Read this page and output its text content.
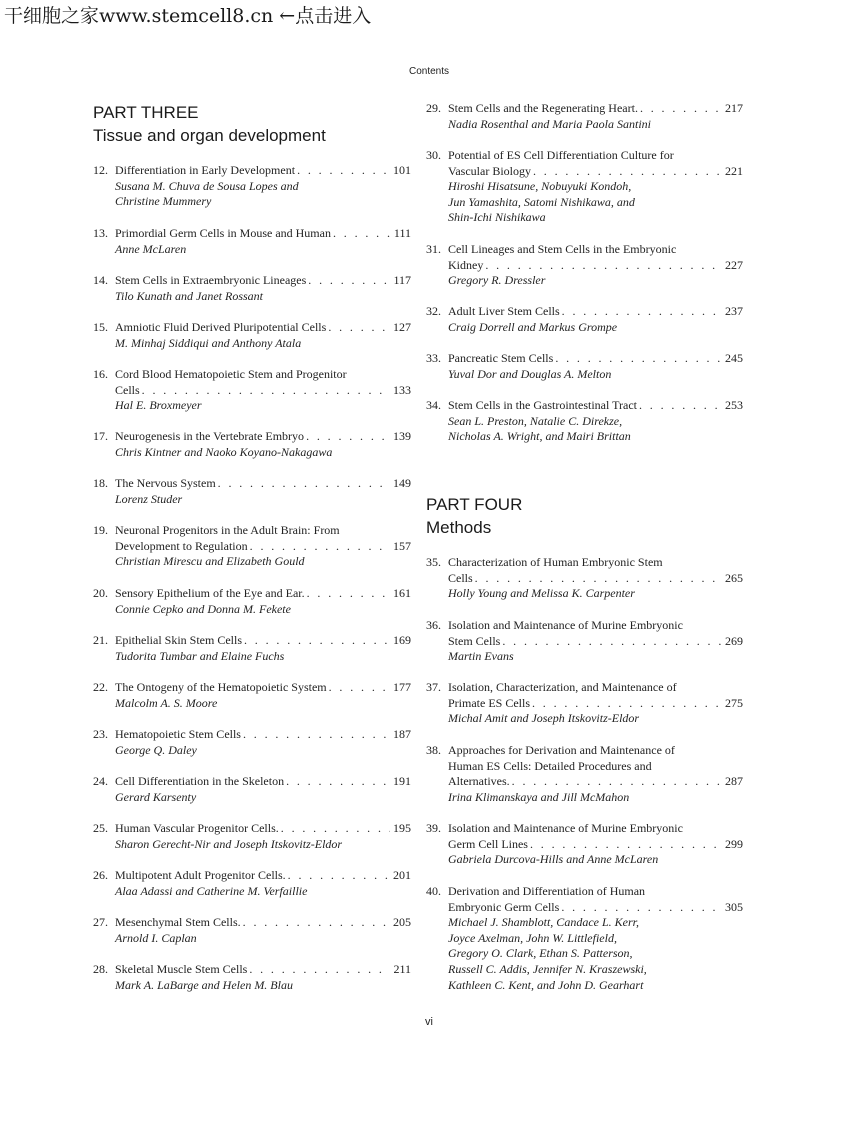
干细胞之家www.stemcell8.cn ←点击进入
Contents
PART THREE
Tissue and organ development
12. Differentiation in Early Development . . .	101
Susana M. Chuva de Sousa Lopes and
Christine Mummery
13. Primordial Germ Cells in Mouse and Human . . .	111
Anne McLaren
14. Stem Cells in Extraembryonic Lineages . . .	117
Tilo Kunath and Janet Rossant
15. Amniotic Fluid Derived Pluripotential Cells . . .	127
M. Minhaj Siddiqui and Anthony Atala
16. Cord Blood Hematopoietic Stem and Progenitor
Cells . . .	133
Hal E. Broxmeyer
17. Neurogenesis in the Vertebrate Embryo . . .	139
Chris Kintner and Naoko Koyano-Nakagawa
18. The Nervous System . . .	149
Lorenz Studer
19. Neuronal Progenitors in the Adult Brain: From
Development to Regulation . . .	157
Christian Mirescu and Elizabeth Gould
20. Sensory Epithelium of the Eye and Ear. . . .	161
Connie Cepko and Donna M. Fekete
21. Epithelial Skin Stem Cells . . .	169
Tudorita Tumbar and Elaine Fuchs
22. The Ontogeny of the Hematopoietic System . . .	177
Malcolm A. S. Moore
23. Hematopoietic Stem Cells . . .	187
George Q. Daley
24. Cell Differentiation in the Skeleton . . .	191
Gerard Karsenty
25. Human Vascular Progenitor Cells. . . .	195
Sharon Gerecht-Nir and Joseph Itskovitz-Eldor
26. Multipotent Adult Progenitor Cells. . . .	201
Alaa Adassi and Catherine M. Verfaillie
27. Mesenchymal Stem Cells. . . .	205
Arnold I. Caplan
28. Skeletal Muscle Stem Cells . . .	211
Mark A. LaBarge and Helen M. Blau
29. Stem Cells and the Regenerating Heart. . . .	217
Nadia Rosenthal and Maria Paola Santini
30. Potential of ES Cell Differentiation Culture for
Vascular Biology . . .	221
Hiroshi Hisatsune, Nobuyuki Kondoh,
Jun Yamashita, Satomi Nishikawa, and
Shin-Ichi Nishikawa
31. Cell Lineages and Stem Cells in the Embryonic
Kidney . . .	227
Gregory R. Dressler
32. Adult Liver Stem Cells . . .	237
Craig Dorrell and Markus Grompe
33. Pancreatic Stem Cells . . .	245
Yuval Dor and Douglas A. Melton
34. Stem Cells in the Gastrointestinal Tract . . .	253
Sean L. Preston, Natalie C. Direkze,
Nicholas A. Wright, and Mairi Brittan
PART FOUR
Methods
35. Characterization of Human Embryonic Stem
Cells . . .	265
Holly Young and Melissa K. Carpenter
36. Isolation and Maintenance of Murine Embryonic
Stem Cells . . .	269
Martin Evans
37. Isolation, Characterization, and Maintenance of
Primate ES Cells . . .	275
Michal Amit and Joseph Itskovitz-Eldor
38. Approaches for Derivation and Maintenance of
Human ES Cells: Detailed Procedures and
Alternatives. . . .	287
Irina Klimanskaya and Jill McMahon
39. Isolation and Maintenance of Murine Embryonic
Germ Cell Lines . . .	299
Gabriela Durcova-Hills and Anne McLaren
40. Derivation and Differentiation of Human
Embryonic Germ Cells . . .	305
Michael J. Shamblott, Candace L. Kerr,
Joyce Axelman, John W. Littlefield,
Gregory O. Clark, Ethan S. Patterson,
Russell C. Addis, Jennifer N. Kraszewski,
Kathleen C. Kent, and John D. Gearhart
vi
